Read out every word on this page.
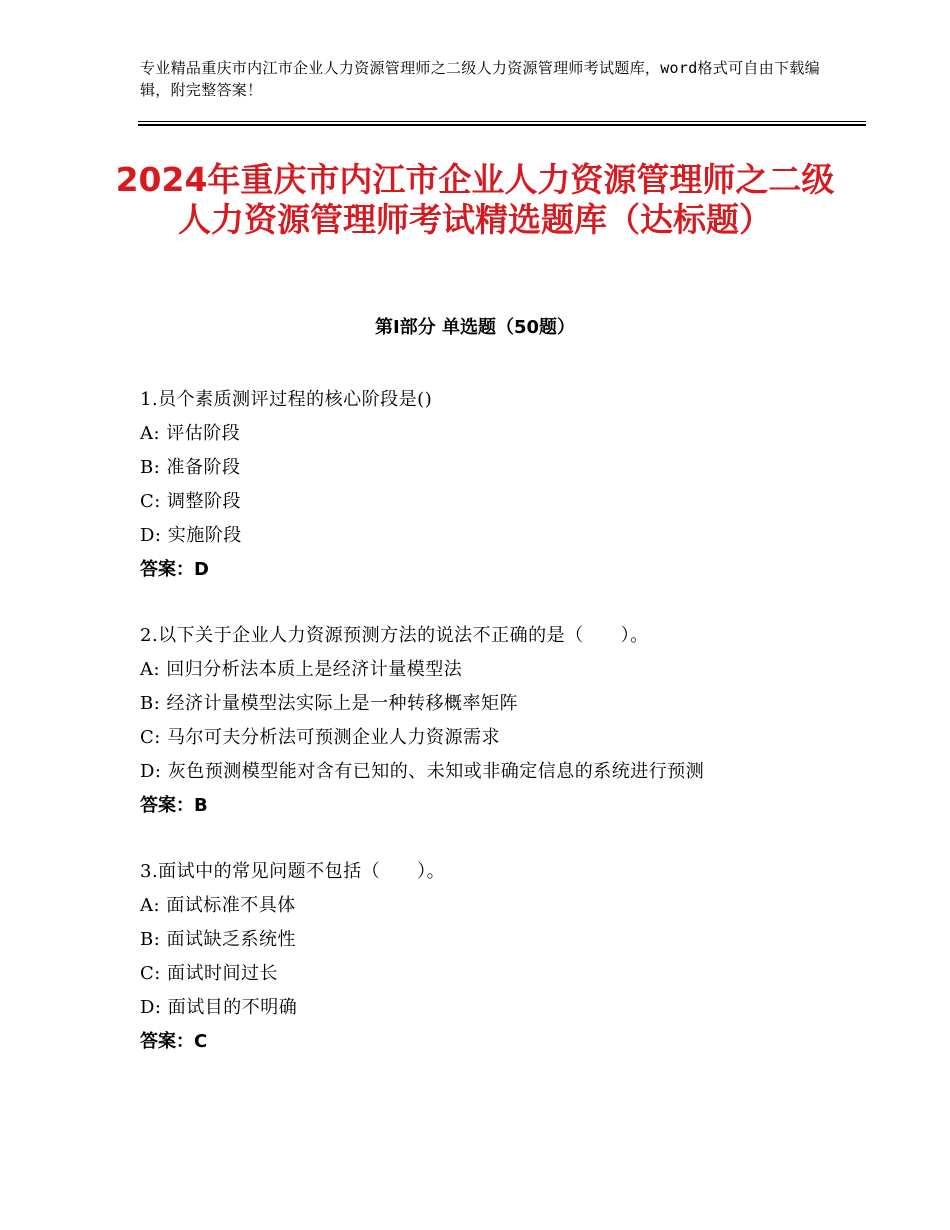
专业精品重庆市内江市企业人力资源管理师之二级人力资源管理师考试题库，word格式可自由下载编辑，附完整答案！
2024年重庆市内江市企业人力资源管理师之二级人力资源管理师考试精选题库（达标题）
第Ⅰ部分 单选题（50题）
1.员个素质测评过程的核心阶段是()
A: 评估阶段
B: 准备阶段
C: 调整阶段
D: 实施阶段
答案：D
2.以下关于企业人力资源预测方法的说法不正确的是（　　）。
A: 回归分析法本质上是经济计量模型法
B: 经济计量模型法实际上是一种转移概率矩阵
C: 马尔可夫分析法可预测企业人力资源需求
D: 灰色预测模型能对含有已知的、未知或非确定信息的系统进行预测
答案：B
3.面试中的常见问题不包括（　　）。
A: 面试标准不具体
B: 面试缺乏系统性
C: 面试时间过长
D: 面试目的不明确
答案：C
